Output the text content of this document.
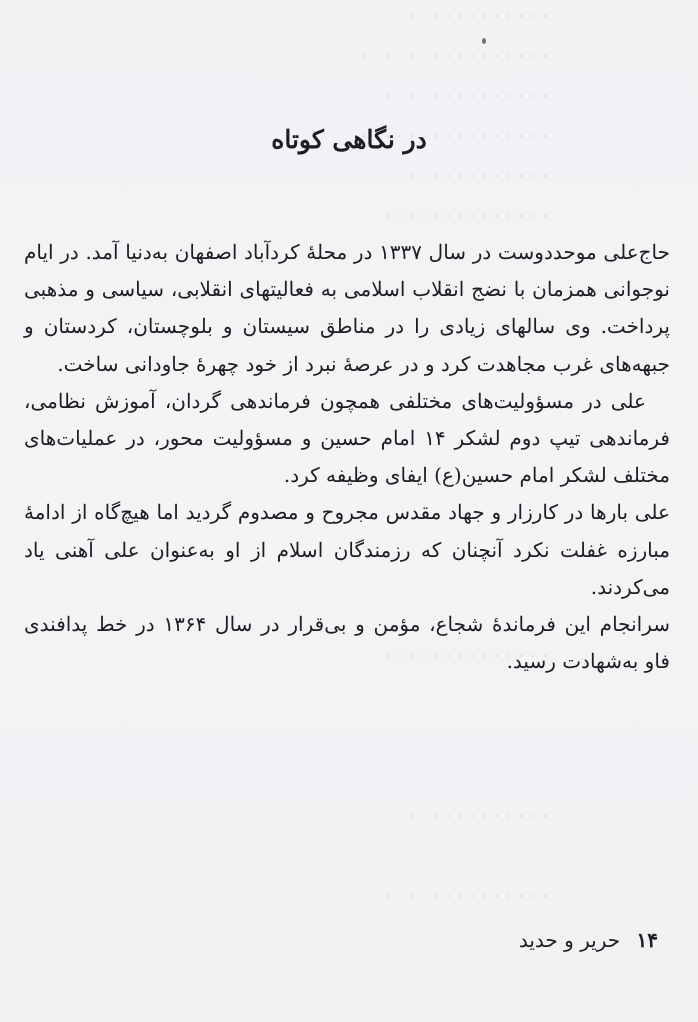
. . . . . . . . . . . .
. . . . . . . . . . . . . . . .
. . . . . . . . . . . . . .
. . . . . . . . . . . . . . . .
. . . . . . . . . . . .
. . . . . . . . . . . . . .
. . . . . . . . . . . . . .
. . . . . . . . . . . .
. . . . . . . . . . . . . .
در نگاهی کوتاه

حاج‌علی موحددوست در سال ۱۳۳۷ در محلهٔ کردآباد اصفهان به‌دنیا آمد. در ایام نوجوانی همزمان با نضج انقلاب اسلامی به فعالیتهای انقلابی، سیاسی و مذهبی پرداخت. وی سالهای زیادی را در مناطق سیستان و بلوچستان، کردستان و جبهه‌های غرب مجاهدت کرد و در عرصهٔ نبرد از خود چهرهٔ جاودانی ساخت.

علی در مسؤولیت‌های مختلفی همچون فرماندهی گردان، آموزش نظامی، فرماندهی تیپ دوم لشکر ۱۴ امام حسین و مسؤولیت محور، در عملیات‌های مختلف لشکر امام حسین(ع) ایفای وظیفه کرد.

علی بارها در کارزار و جهاد مقدس مجروح و مصدوم گردید اما هیچ‌گاه از ادامهٔ مبارزه غفلت نکرد آنچنان که رزمندگان اسلام از او به‌عنوان علی آهنی یاد می‌کردند.

سرانجام این فرماندهٔ شجاع، مؤمن و بی‌قرار در سال ۱۳۶۴ در خط پدافندی فاو به‌شهادت رسید.

۱۴ حریر و حدید
